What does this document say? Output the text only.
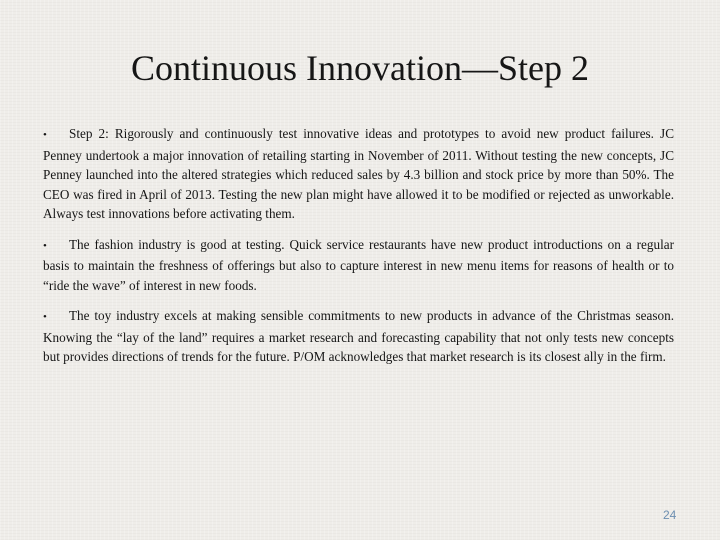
Continuous Innovation—Step 2

• Step 2: Rigorously and continuously test innovative ideas and prototypes to avoid new product failures. JC Penney undertook a major innovation of retailing starting in November of 2011. Without testing the new concepts, JC Penney launched into the altered strategies which reduced sales by 4.3 billion and stock price by more than 50%. The CEO was fired in April of 2013. Testing the new plan might have allowed it to be modified or rejected as unworkable. Always test innovations before activating them.

• The fashion industry is good at testing. Quick service restaurants have new product introductions on a regular basis to maintain the freshness of offerings but also to capture interest in new menu items for reasons of health or to “ride the wave” of interest in new foods.

• The toy industry excels at making sensible commitments to new products in advance of the Christmas season. Knowing the “lay of the land” requires a market research and forecasting capability that not only tests new concepts but provides directions of trends for the future. P/OM acknowledges that market research is its closest ally in the firm.

24
